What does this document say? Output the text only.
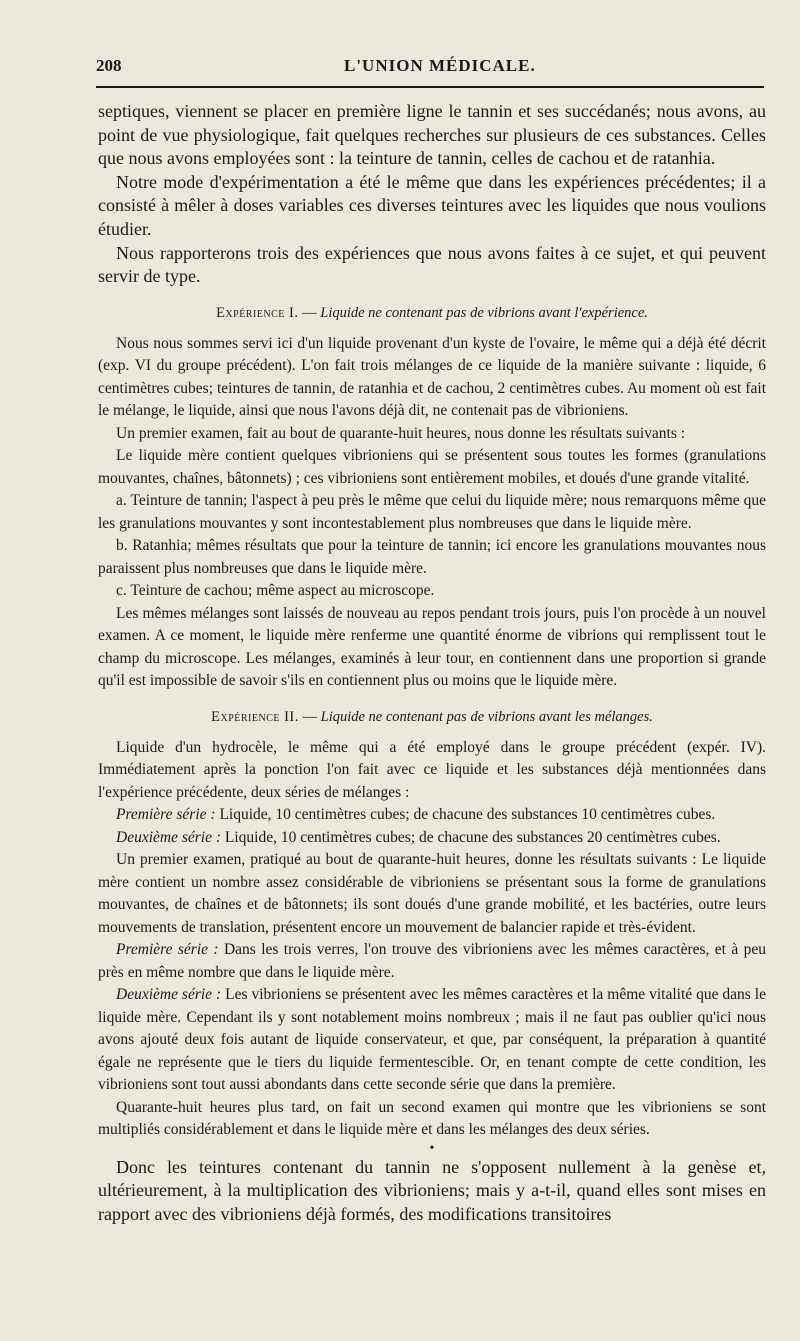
208	L'UNION MÉDICALE.

septiques, viennent se placer en première ligne le tannin et ses succédanés; nous avons, au point de vue physiologique, fait quelques recherches sur plusieurs de ces substances. Celles que nous avons employées sont : la teinture de tannin, celles de cachou et de ratanhia.

Notre mode d'expérimentation a été le même que dans les expériences précédentes; il a consisté à mêler à doses variables ces diverses teintures avec les liquides que nous voulions étudier.

Nous rapporterons trois des expériences que nous avons faites à ce sujet, et qui peuvent servir de type.

Expérience I. — Liquide ne contenant pas de vibrions avant l'expérience.

Nous nous sommes servi ici d'un liquide provenant d'un kyste de l'ovaire, le même qui a déjà été décrit (exp. VI du groupe précédent). L'on fait trois mélanges de ce liquide de la manière suivante : liquide, 6 centimètres cubes; teintures de tannin, de ratanhia et de cachou, 2 centimètres cubes. Au moment où est fait le mélange, le liquide, ainsi que nous l'avons déjà dit, ne contenait pas de vibrioniens.

Un premier examen, fait au bout de quarante-huit heures, nous donne les résultats suivants :

Le liquide mère contient quelques vibrioniens qui se présentent sous toutes les formes (granulations mouvantes, chaînes, bâtonnets) ; ces vibrioniens sont entièrement mobiles, et doués d'une grande vitalité.

a. Teinture de tannin; l'aspect à peu près le même que celui du liquide mère; nous remarquons même que les granulations mouvantes y sont incontestablement plus nombreuses que dans le liquide mère.

b. Ratanhia; mêmes résultats que pour la teinture de tannin; ici encore les granulations mouvantes nous paraissent plus nombreuses que dans le liquide mère.

c. Teinture de cachou; même aspect au microscope.

Les mêmes mélanges sont laissés de nouveau au repos pendant trois jours, puis l'on procède à un nouvel examen. A ce moment, le liquide mère renferme une quantité énorme de vibrions qui remplissent tout le champ du microscope. Les mélanges, examinés à leur tour, en contiennent dans une proportion si grande qu'il est impossible de savoir s'ils en contiennent plus ou moins que le liquide mère.

Expérience II. — Liquide ne contenant pas de vibrions avant les mélanges.

Liquide d'un hydrocèle, le même qui a été employé dans le groupe précédent (expér. IV). Immédiatement après la ponction l'on fait avec ce liquide et les substances déjà mentionnées dans l'expérience précédente, deux séries de mélanges :

Première série : Liquide, 10 centimètres cubes; de chacune des substances 10 centimètres cubes.

Deuxième série : Liquide, 10 centimètres cubes; de chacune des substances 20 centimètres cubes.

Un premier examen, pratiqué au bout de quarante-huit heures, donne les résultats suivants : Le liquide mère contient un nombre assez considérable de vibrioniens se présentant sous la forme de granulations mouvantes, de chaînes et de bâtonnets; ils sont doués d'une grande mobilité, et les bactéries, outre leurs mouvements de translation, présentent encore un mouvement de balancier rapide et très-évident.

Première série : Dans les trois verres, l'on trouve des vibrioniens avec les mêmes caractères, et à peu près en même nombre que dans le liquide mère.

Deuxième série : Les vibrioniens se présentent avec les mêmes caractères et la même vitalité que dans le liquide mère. Cependant ils y sont notablement moins nombreux ; mais il ne faut pas oublier qu'ici nous avons ajouté deux fois autant de liquide conservateur, et que, par conséquent, la préparation à quantité égale ne représente que le tiers du liquide fermentescible. Or, en tenant compte de cette condition, les vibrioniens sont tout aussi abondants dans cette seconde série que dans la première.

Quarante-huit heures plus tard, on fait un second examen qui montre que les vibrioniens se sont multipliés considérablement et dans le liquide mère et dans les mélanges des deux séries.

•

Donc les teintures contenant du tannin ne s'opposent nullement à la genèse et, ultérieurement, à la multiplication des vibrioniens; mais y a-t-il, quand elles sont mises en rapport avec des vibrioniens déjà formés, des modifications transitoires
